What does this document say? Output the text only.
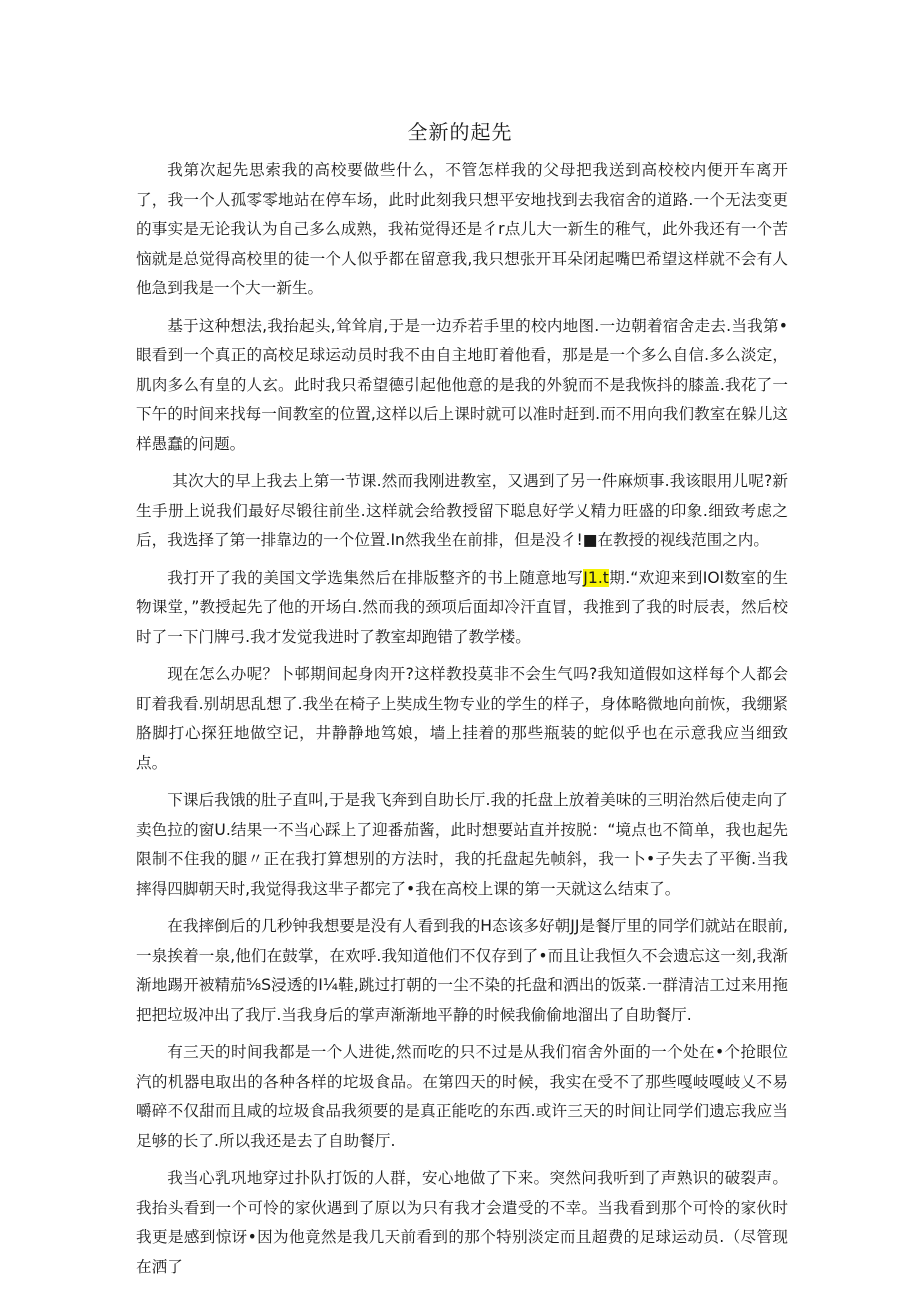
全新的起先

我第次起先思索我的高校要做些什么，不管怎样我的父母把我送到高校校内便开车离开了，我一个人孤零零地站在停车场，此时此刻我只想平安地找到去我宿舍的道路.一个无法变更的事实是无论我认为自己多么成熟，我祐觉得还是彳r点儿大一新生的稚气，此外我还有一个苦恼就是总觉得高校里的徒一个人似乎都在留意我,我只想张开耳朵闭起嘴巴希望这样就不会有人他急到我是一个大一新生。

基于这种想法,我抬起头,耸耸肩,于是一边乔若手里的校内地图.一边朝着宿舍走去.当我第•眼看到一个真正的高校足球运动员时我不由自主地盯着他看，那是是一个多么自信.多么淡定，肌肉多么有皇的人玄。此时我只希望德引起他他意的是我的外貌而不是我恢抖的膝盖.我花了一下午的时间来找每一间教室的位置,这样以后上课时就可以准时赶到.而不用向我们教室在躲儿这样愚蠢的问题。

其次大的早上我去上第一节课.然而我刚进教室，又遇到了另一件麻烦事.我该眼用儿呢?新生手册上说我们最好尽锻往前坐.这样就会给教授留下聪息好学乂精力旺盛的印象.细致考虑之后，我选择了第一排靠边的一个位置.In然我坐在前排，但是没彳!■在教授的视线范围之内。

我打开了我的美国文学选集然后在排版整齐的书上随意地写J1.t期.“欢迎来到IOl数室的生物课堂，”教授起先了他的开场白.然而我的颈项后面却冷汗直冒，我推到了我的时辰表，然后校时了一下门牌弓.我才发觉我进时了教室却跑错了教学楼。

现在怎么办呢？卜邨期间起身肉开?这样教投莫非不会生气吗?我知道假如这样每个人都会盯着我看.别胡思乱想了.我坐在椅子上奘成生物专业的学生的样子，身体略微地向前恢，我绷紧胳脚打心探狂地做空记，井静静地笃娘，墙上挂着的那些瓶装的蛇似乎也在示意我应当细致点。

下课后我饿的肚子直叫,于是我飞奔到自助长厅.我的托盘上放着美味的三明治然后使走向了卖色拉的窗U.结果一不当心踩上了迎番茄酱，此时想要站直并按脱：“境点也不简单，我也起先限制不住我的腿〃正在我打算想别的方法时，我的托盘起先帧斜，我一卜•子失去了平衡.当我摔得四脚朝天时,我觉得我这芈子都完了•我在高校上课的第一天就这么结束了。

在我摔倒后的几秒钟我想要是没有人看到我的H态该多好朝JJ是餐厅里的同学们就站在眼前,一泉挨着一泉,他们在鼓掌，在欢呼.我知道他们不仅存到了•而且让我恒久不会遗忘这一刻,我渐渐地踢开被精茄⅝S浸透的I¼鞋,跳过打朝的一尘不染的托盘和洒出的饭菜.一群清洁工过来用拖把把垃圾冲出了我厅.当我身后的掌声渐渐地平静的时候我偷偷地溜出了自助餐厅.

有三天的时间我都是一个人进徙,然而吃的只不过是从我们宿舍外面的一个处在•个抢眼位汽的机器电取出的各种各样的坨圾食品。在第四天的时候，我实在受不了那些嘎岐嘎岐乂不易嚼碎不仅甜而且咸的垃圾食品我须要的是真正能吃的东西.或许三天的时间让同学们遗忘我应当足够的长了.所以我还是去了自助餐厅.

我当心乳巩地穿过扑队打饭的人群，安心地做了下来。突然问我听到了声熟识的破裂声。我抬头看到一个可怜的家伙遇到了原以为只有我才会遣受的不幸。当我看到那个可怜的家伙时我更是感到惊讶•因为他竟然是我几天前看到的那个特别淡定而且超费的足球运动员.（尽管现在洒了
